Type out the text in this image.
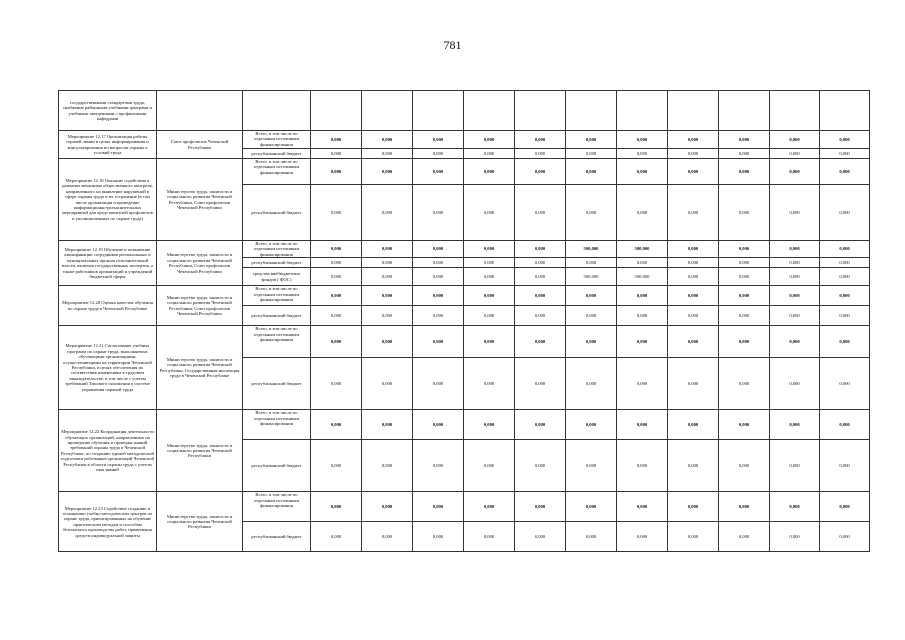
781
государственными стандартами труда, снабжение районными учебными центрами и учебными заведениями с профильными кафедрами													
Мероприятие 12.17 Организация работы горячей линии в целях информирования и консультирования по вопросам охраны и условий труда	Союз профсоюзов Чеченской Республики	Всего, в том числе по отдельным источникам финансирования	0,000	0,000	0,000	0,000	0,000	0,000	0,000	0,000	0,000	0,000	0,000
		республиканский бюджет	0,000	0,000	0,000	0,000	0,000	0,000	0,000	0,000	0,000	0,000	0,000
Мероприятие 12.18 Оказание содействия в развитии механизма общественного контроля, направленного на выявление нарушений в сфере охраны труда и их устранение (в том числе организация и проведение информационно-разъяснительных мероприятий для представителей профсоюзов и уполномоченных по охране труда)	Министерство труда, занятости и социального развития Чеченской Республики, Союз профсоюзов Чеченской Республики	Всего, в том числе по отдельным источникам финансирования	0,000	0,000	0,000	0,000	0,000	0,000	0,000	0,000	0,000	0,000	0,000
		республиканский бюджет	0,000	0,000	0,000	0,000	0,000	0,000	0,000	0,000	0,000	0,000	0,000
Мероприятие 12.19 Обучение и повышение квалификации сотрудников региональных и муниципальных органов исполнительной власти, включая государственных экспертов, а также работников организаций и учреждений бюджетной сферы	Министерство труда, занятости и социального развития Чеченской Республики, Союз профсоюзов Чеченской Республики	Всего, в том числе по отдельным источникам финансирования	0,000	0,000	0,000	0,000	0,000	500,000	500,000	0,000	0,000	0,000	0,000
		республиканский бюджет	0,000	0,000	0,000	0,000	0,000	0,000	0,000	0,000	0,000	0,000	0,000
		средства внебюджетных фондов ( ФОС)	0,000	0,000	0,000	0,000	0,000	500,000	500,000	0,000	0,000	0,000	0,000
Мероприятие 12.20 Оценка качества обучения по охране труда в Чеченской Республике	Министерство труда, занятости и социального развития Чеченской Республики, Союз профсоюзов Чеченской Республики	Всего, в том числе по отдельным источникам финансирования	0,000	0,000	0,000	0,000	0,000	0,000	0,000	0,000	0,000	0,000	0,000
		республиканский бюджет	0,000	0,000	0,000	0,000	0,000	0,000	0,000	0,000	0,000	0,000	0,000
Мероприятие 12.21 Согласование учебных программ по охране труда, выполняемых обучающими организациями, осуществляющими на территории Чеченской Республики, в целях обеспечения их соответствия изменениям в трудовом законодательстве, в том числе с учетом требований Типового положения о системе управления охраной труда	Министерство труда, занятости и социального развития Чеченской Республики, Государственная инспекция труда в Чеченской Республике	Всего, в том числе по отдельным источникам финансирования	0,000	0,000	0,000	0,000	0,000	0,000	0,000	0,000	0,000	0,000	0,000
		республиканский бюджет	0,000	0,000	0,000	0,000	0,000	0,000	0,000	0,000	0,000	0,000	0,000
Мероприятие 12.22 Координация деятельности обучающих организаций, направленных на проведение обучения и проверки знаний требований охраны труда в Чеченской Республике, по созданию единой методической подготовки работников организаций Чеченской Республики в области охраны труда с учетом ими знаний	Министерство труда, занятости и социального развития Чеченской Республики	Всего, в том числе по отдельным источникам финансирования	0,000	0,000	0,000	0,000	0,000	0,000	0,000	0,000	0,000	0,000	0,000
		республиканский бюджет	0,000	0,000	0,000	0,000	0,000	0,000	0,000	0,000	0,000	0,000	0,000
Мероприятие 12.23 Содействие созданию и оснащению учебно-методических центров по охране труда, ориентированных на обучение практическим методам и способам безопасного производства работ, применения средств индивидуальной защиты	Министерство труда, занятости и социального развития Чеченской Республики	Всего, в том числе по отдельным источникам финансирования	0,000	0,000	0,000	0,000	0,000	0,000	0,000	0,000	0,000	0,000	0,000
		республиканский бюджет	0,000	0,000	0,000	0,000	0,000	0,000	0,000	0,000	0,000	0,000	0,000
